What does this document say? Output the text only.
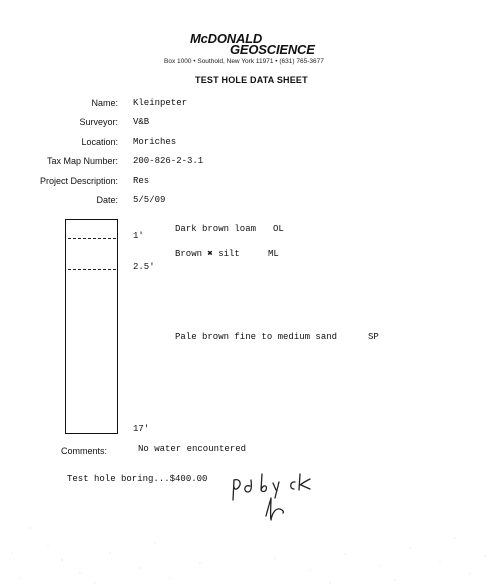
McDONALD
GEOSCIENCE
Box 1000 • Southold, New York 11971 • (631) 765-3677
TEST HOLE DATA SHEET
Name: Kleinpeter
Surveyor: V&B
Location: Moriches
Tax Map Number: 200-826-2-3.1
Project Description: Res
Date: 5/5/09
1'
2.5'
17'
Dark brown loam OL
Brown ✖ silt	ML
Pale brown fine to medium sand	SP
Comments:	No water encountered
Test hole boring...$400.00
